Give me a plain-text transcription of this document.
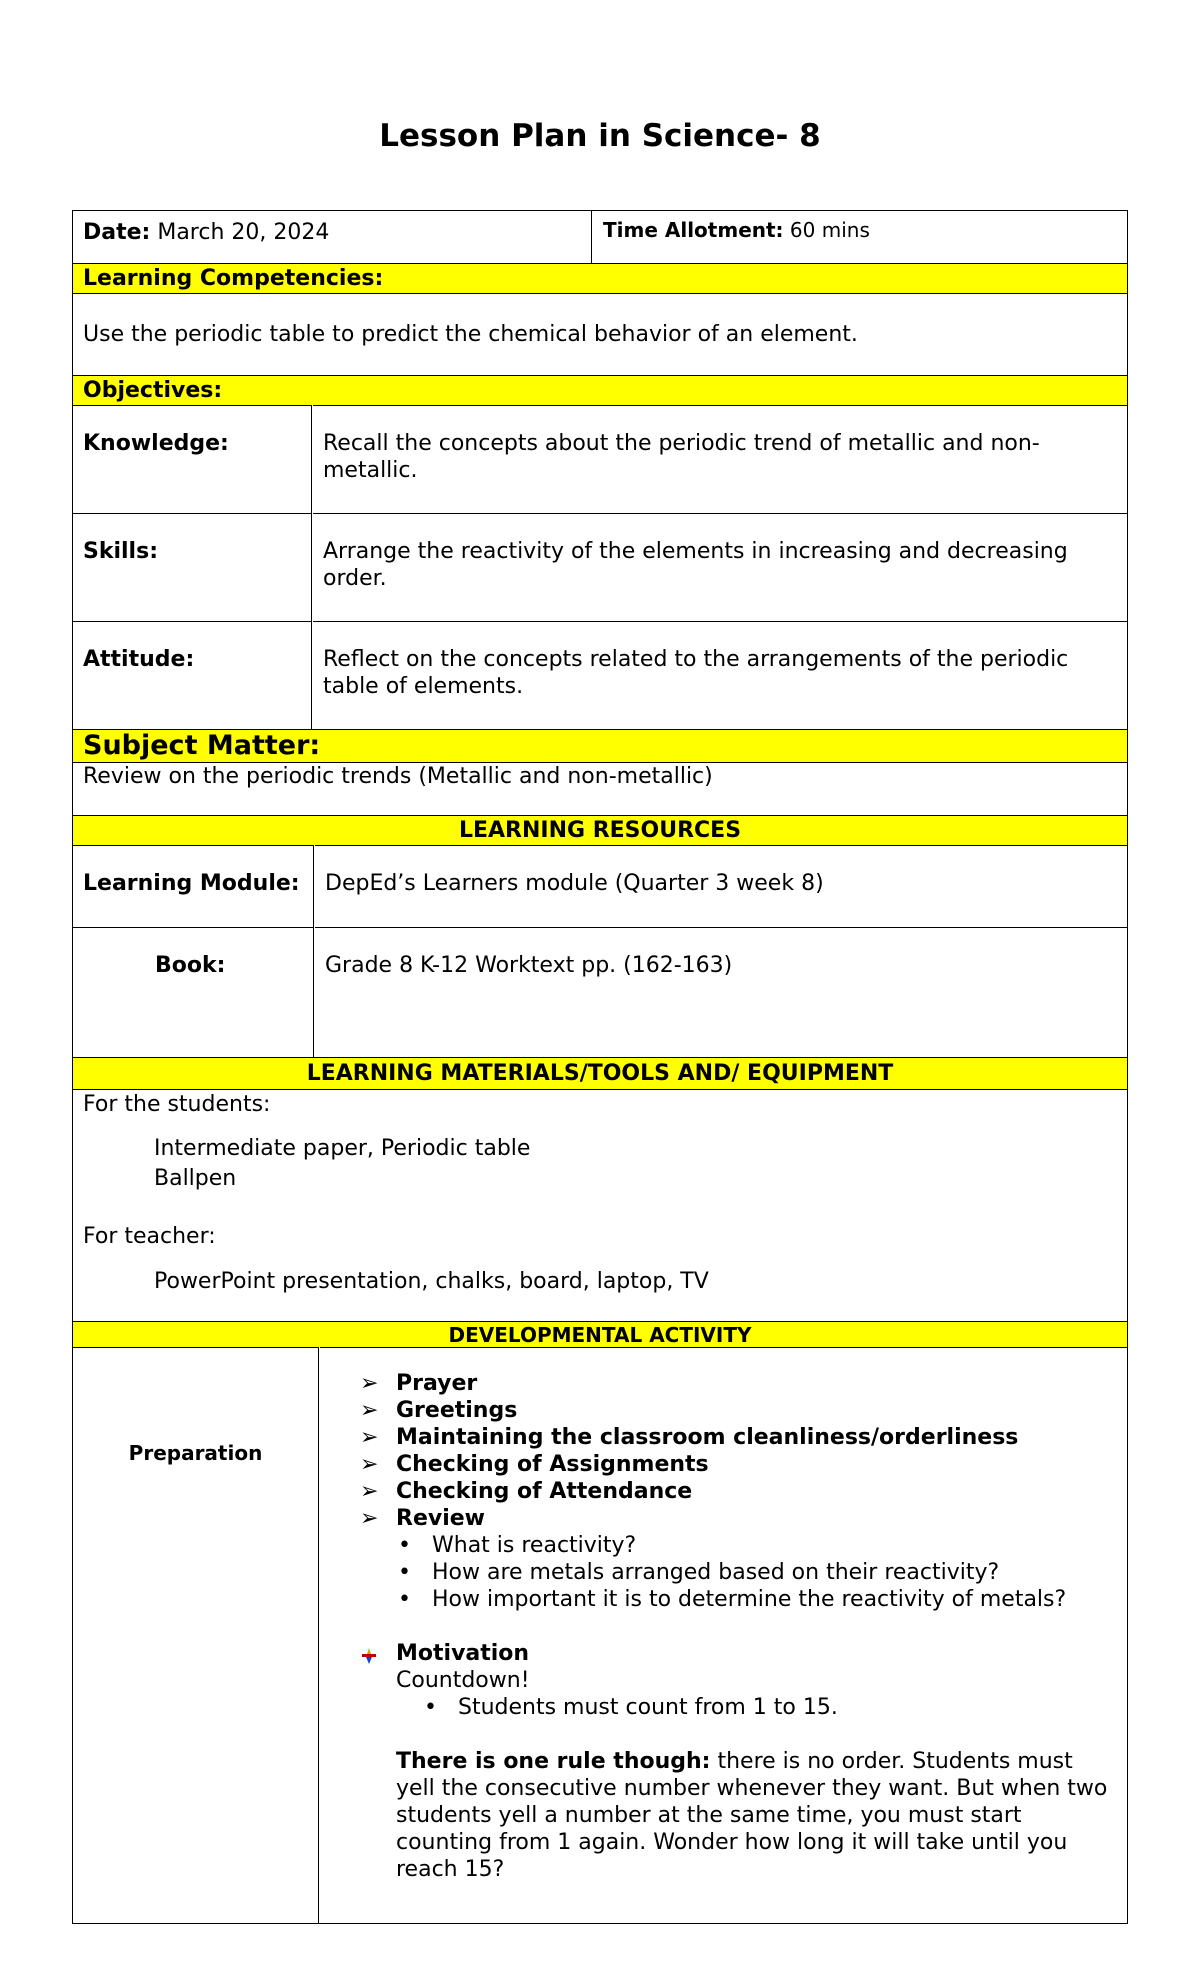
Lesson Plan in Science- 8
Date: March 20, 2024	Time Allotment: 60 mins
Learning Competencies:
Use the periodic table to predict the chemical behavior of an element.
Objectives:
Knowledge:	Recall the concepts about the periodic trend of metallic and non-metallic.
Skills:	Arrange the reactivity of the elements in increasing and decreasing order.
Attitude:	Reflect on the concepts related to the arrangements of the periodic table of elements.
Subject Matter:
Review on the periodic trends (Metallic and non-metallic)
LEARNING RESOURCES
Learning Module:	DepEd’s Learners module (Quarter 3 week 8)
Book:	Grade 8 K-12 Worktext pp. (162-163)
LEARNING MATERIALS/TOOLS AND/ EQUIPMENT
For the students:
Intermediate paper, Periodic table
Ballpen
For teacher:
PowerPoint presentation, chalks, board, laptop, TV
DEVELOPMENTAL ACTIVITY
Preparation
➢ Prayer
➢ Greetings
➢ Maintaining the classroom cleanliness/orderliness
➢ Checking of Assignments
➢ Checking of Attendance
➢ Review
• What is reactivity?
• How are metals arranged based on their reactivity?
• How important it is to determine the reactivity of metals?
Motivation
Countdown!
• Students must count from 1 to 15.
There is one rule though: there is no order. Students must yell the consecutive number whenever they want. But when two students yell a number at the same time, you must start counting from 1 again. Wonder how long it will take until you reach 15?
